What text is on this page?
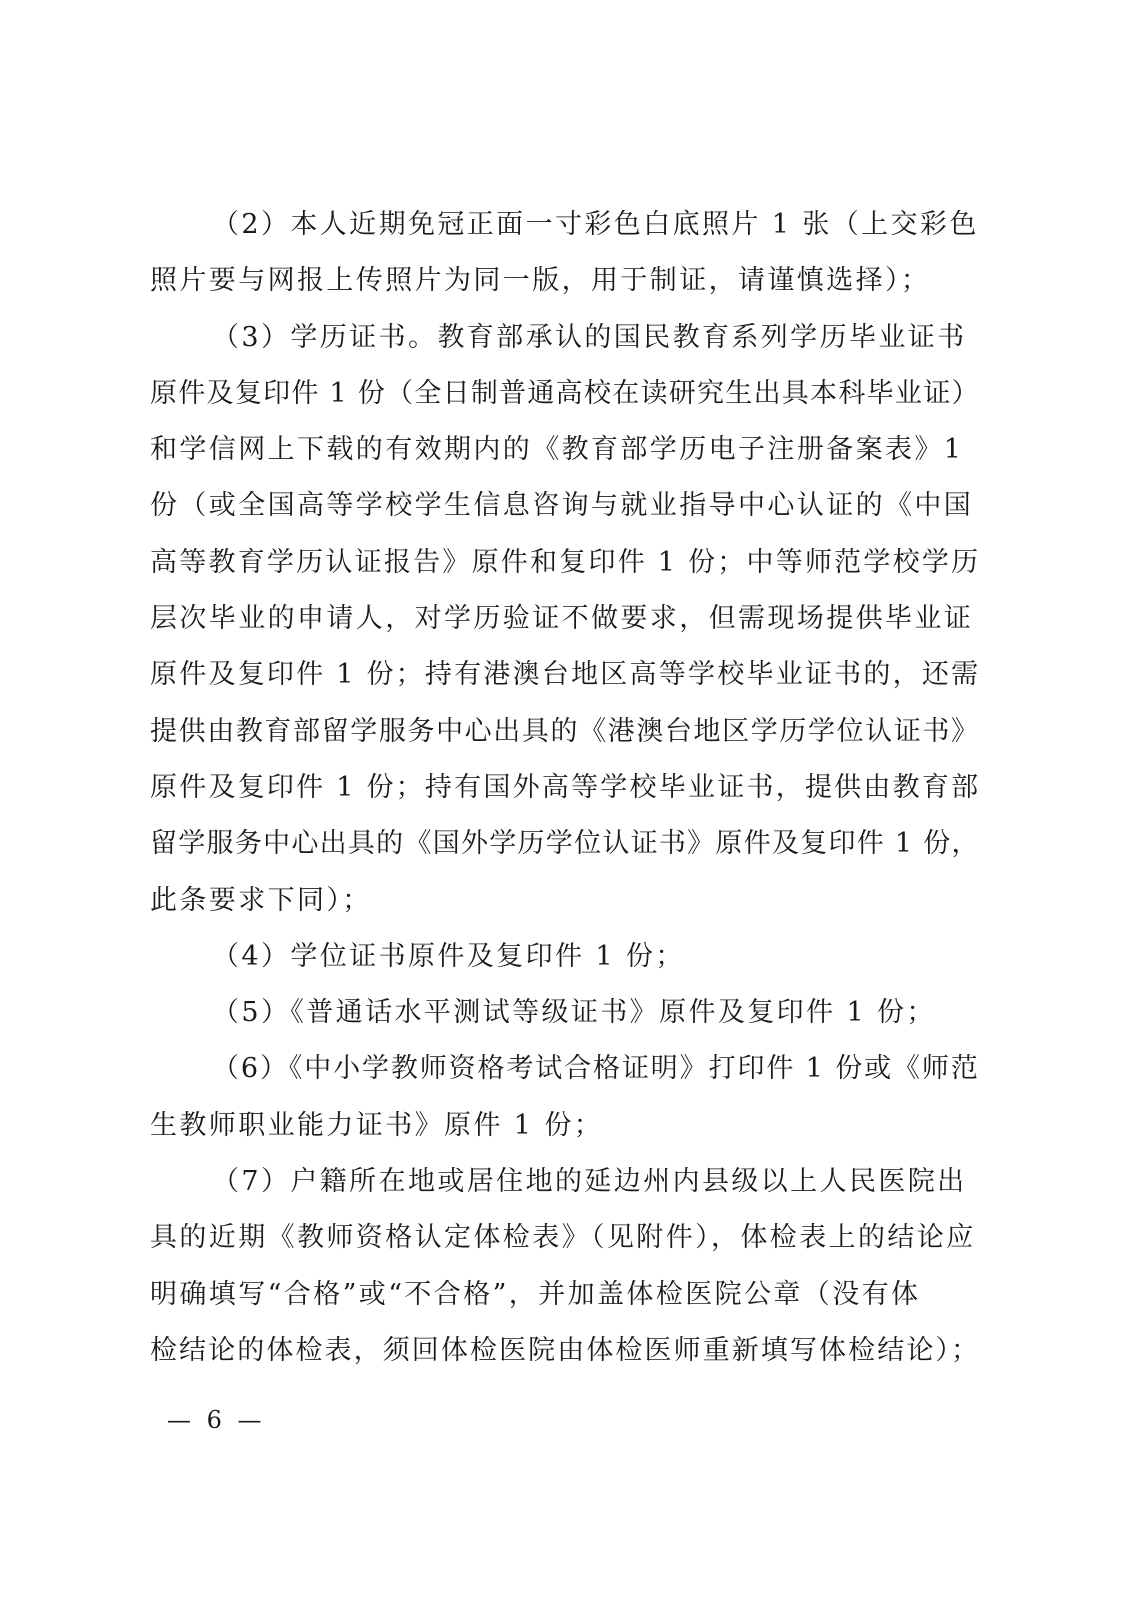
（2）本人近期免冠正面一寸彩色白底照片 1 张（上交彩色
照片要与网报上传照片为同一版，用于制证，请谨慎选择）；
（3）学历证书。教育部承认的国民教育系列学历毕业证书
原件及复印件 1 份（全日制普通高校在读研究生出具本科毕业证）
和学信网上下载的有效期内的《教育部学历电子注册备案表》1
份（或全国高等学校学生信息咨询与就业指导中心认证的《中国
高等教育学历认证报告》原件和复印件 1 份；中等师范学校学历
层次毕业的申请人，对学历验证不做要求，但需现场提供毕业证
原件及复印件 1 份；持有港澳台地区高等学校毕业证书的，还需
提供由教育部留学服务中心出具的《港澳台地区学历学位认证书》
原件及复印件 1 份；持有国外高等学校毕业证书，提供由教育部
留学服务中心出具的《国外学历学位认证书》原件及复印件 1 份，
此条要求下同）；
（4）学位证书原件及复印件 1 份；
（5）《普通话水平测试等级证书》原件及复印件 1 份；
（6）《中小学教师资格考试合格证明》打印件 1 份或《师范
生教师职业能力证书》原件 1 份；
（7）户籍所在地或居住地的延边州内县级以上人民医院出
具的近期《教师资格认定体检表》（见附件），体检表上的结论应
明确填写“合格”或“不合格”，并加盖体检医院公章（没有体
检结论的体检表，须回体检医院由体检医师重新填写体检结论）；
— 6 —
